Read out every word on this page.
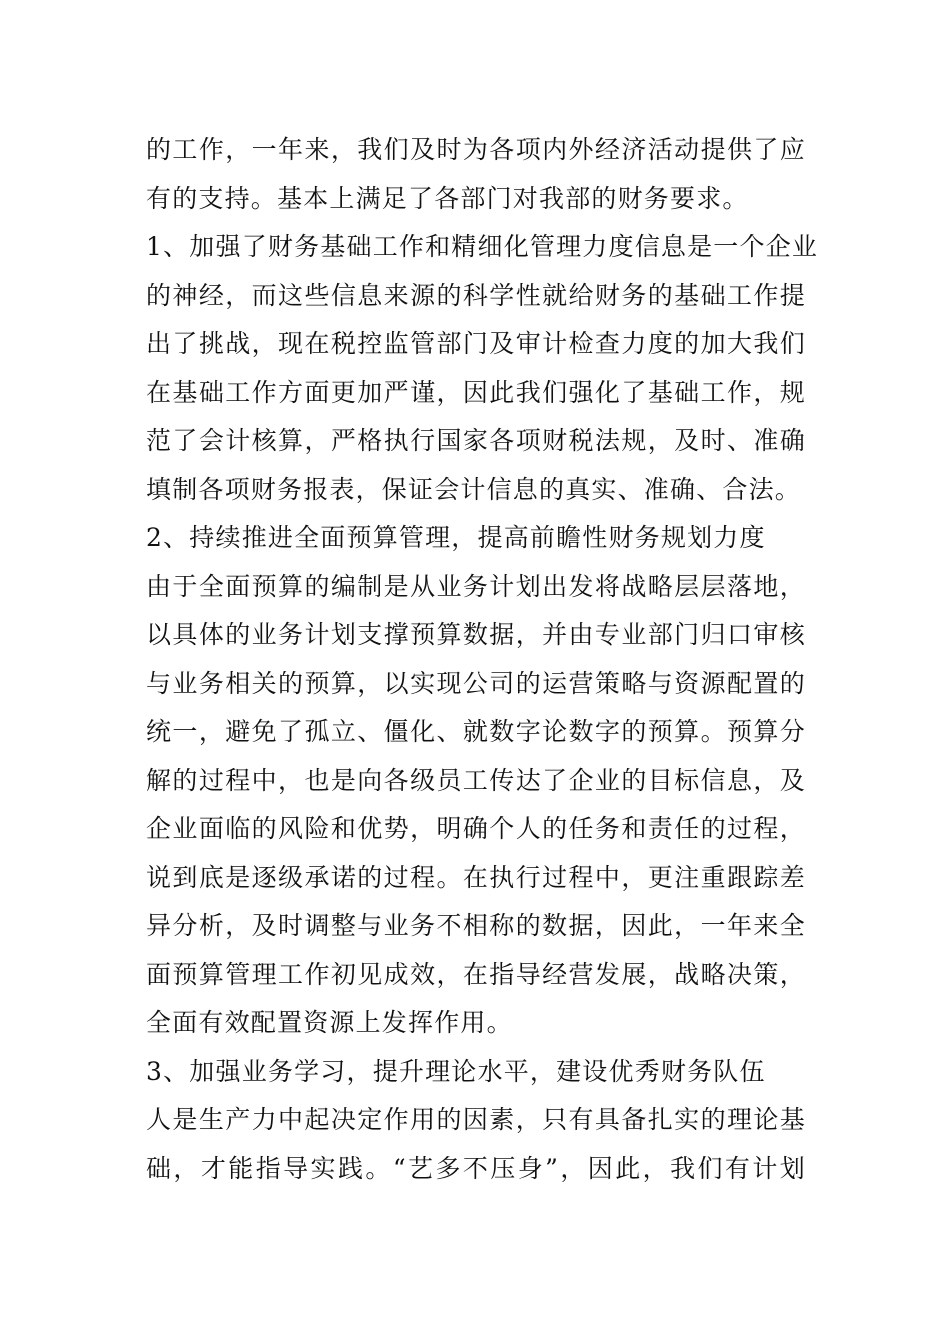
的工作，一年来，我们及时为各项内外经济活动提供了应
有的支持。基本上满足了各部门对我部的财务要求。
1、加强了财务基础工作和精细化管理力度信息是一个企业
的神经，而这些信息来源的科学性就给财务的基础工作提
出了挑战，现在税控监管部门及审计检查力度的加大我们
在基础工作方面更加严谨，因此我们强化了基础工作，规
范了会计核算，严格执行国家各项财税法规，及时、准确
填制各项财务报表，保证会计信息的真实、准确、合法。
2、持续推进全面预算管理，提高前瞻性财务规划力度
由于全面预算的编制是从业务计划出发将战略层层落地，
以具体的业务计划支撑预算数据，并由专业部门归口审核
与业务相关的预算，以实现公司的运营策略与资源配置的
统一，避免了孤立、僵化、就数字论数字的预算。预算分
解的过程中，也是向各级员工传达了企业的目标信息，及
企业面临的风险和优势，明确个人的任务和责任的过程，
说到底是逐级承诺的过程。在执行过程中，更注重跟踪差
异分析，及时调整与业务不相称的数据，因此，一年来全
面预算管理工作初见成效，在指导经营发展，战略决策，
全面有效配置资源上发挥作用。
3、加强业务学习，提升理论水平，建设优秀财务队伍
人是生产力中起决定作用的因素，只有具备扎实的理论基
础，才能指导实践。“艺多不压身”，因此，我们有计划
